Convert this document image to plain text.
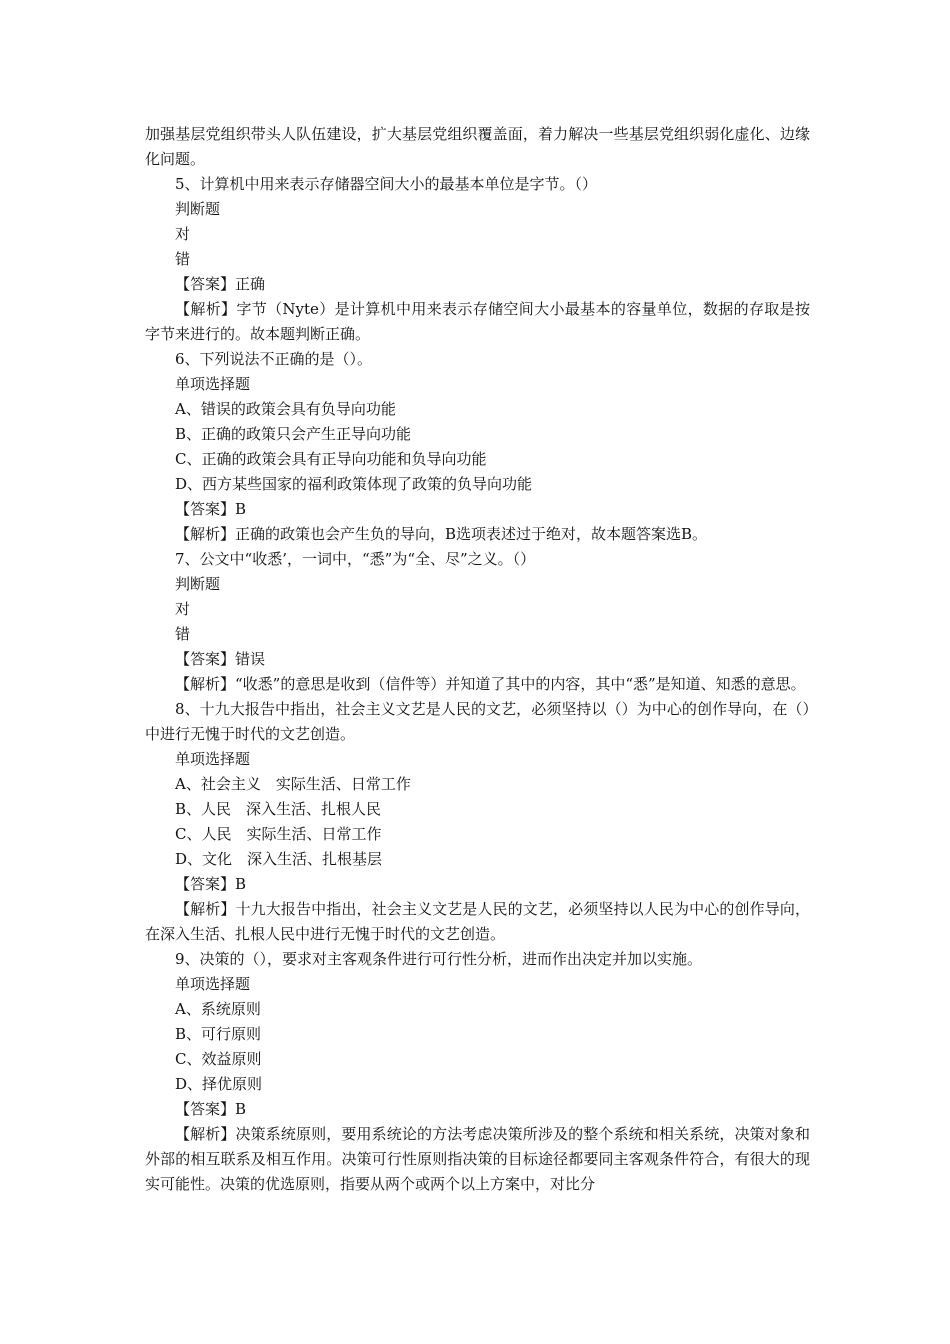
加强基层党组织带头人队伍建设，扩大基层党组织覆盖面，着力解决一些基层党组织弱化虚化、边缘化问题。

5、计算机中用来表示存储器空间大小的最基本单位是字节。（）

判断题

对

错

【答案】正确

【解析】字节（Nyte）是计算机中用来表示存储空间大小最基本的容量单位，数据的存取是按字节来进行的。故本题判断正确。

6、下列说法不正确的是（）。

单项选择题

A、错误的政策会具有负导向功能

B、正确的政策只会产生正导向功能

C、正确的政策会具有正导向功能和负导向功能

D、西方某些国家的福利政策体现了政策的负导向功能

【答案】B

【解析】正确的政策也会产生负的导向，B选项表述过于绝对，故本题答案选B。

7、公文中“收悉’，一词中，“悉”为“全、尽”之义。（）

判断题

对

错

【答案】错误

【解析】“收悉”的意思是收到（信件等）并知道了其中的内容，其中“悉”是知道、知悉的意思。

8、十九大报告中指出，社会主义文艺是人民的文艺，必须坚持以（）为中心的创作导向，在（）中进行无愧于时代的文艺创造。

单项选择题

A、社会主义　实际生活、日常工作

B、人民　深入生活、扎根人民

C、人民　实际生活、日常工作

D、文化　深入生活、扎根基层

【答案】B

【解析】十九大报告中指出，社会主义文艺是人民的文艺，必须坚持以人民为中心的创作导向，在深入生活、扎根人民中进行无愧于时代的文艺创造。

9、决策的（），要求对主客观条件进行可行性分析，进而作出决定并加以实施。

单项选择题

A、系统原则

B、可行原则

C、效益原则

D、择优原则

【答案】B

【解析】决策系统原则，要用系统论的方法考虑决策所涉及的整个系统和相关系统，决策对象和外部的相互联系及相互作用。决策可行性原则指决策的目标途径都要同主客观条件符合，有很大的现实可能性。决策的优选原则，指要从两个或两个以上方案中，对比分
